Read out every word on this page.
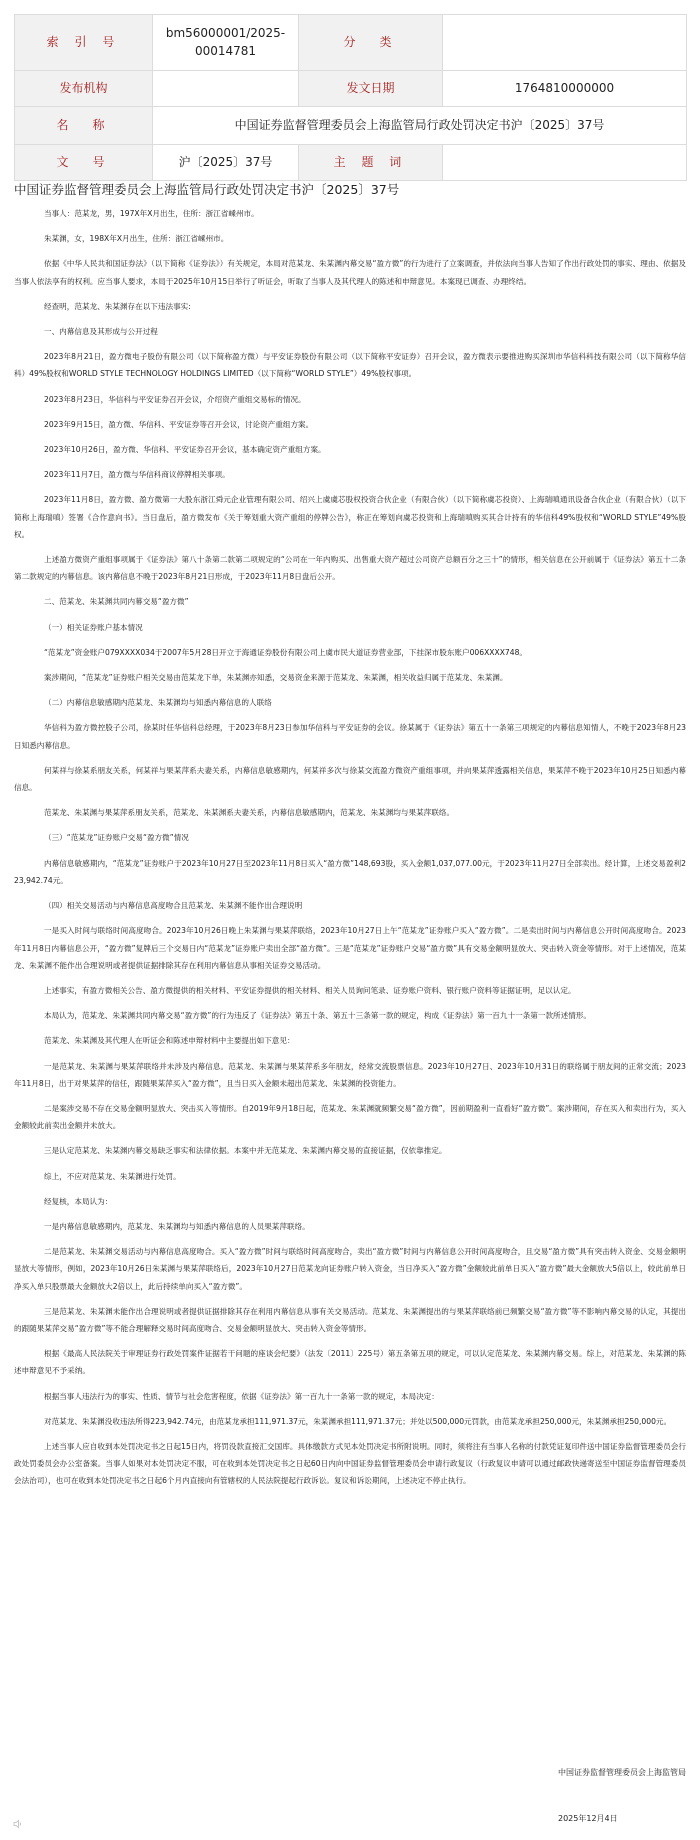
索 引 号	bm56000001/2025-00014781	分　类	
发布机构		发文日期	1764810000000
名　称	中国证券监督管理委员会上海监管局行政处罚决定书沪〔2025〕37号		
文　号	沪〔2025〕37号	主 题 词	
中国证券监督管理委员会上海监管局行政处罚决定书沪〔2025〕37号

当事人：范某龙，男，197X年X月出生，住所：浙江省嵊州市。

朱某渊，女，198X年X月出生，住所：浙江省嵊州市。

依据《中华人民共和国证券法》（以下简称《证券法》）有关规定，本局对范某龙、朱某渊内幕交易“盈方微”的行为进行了立案调查，并依法向当事人告知了作出行政处罚的事实、理由、依据及当事人依法享有的权利。应当事人要求，本局于2025年10月15日举行了听证会，听取了当事人及其代理人的陈述和申辩意见。本案现已调查、办理终结。

经查明，范某龙、朱某渊存在以下违法事实:

一、内幕信息及其形成与公开过程

2023年8月21日，盈方微电子股份有限公司（以下简称盈方微）与平安证券股份有限公司（以下简称平安证券）召开会议，盈方微表示要推进购买深圳市华信科科技有限公司（以下简称华信科）49%股权和WORLD STYLE TECHNOLOGY HOLDINGS LIMITED（以下简称“WORLD STYLE”）49%股权事项。

2023年8月23日，华信科与平安证券召开会议，介绍资产重组交易标的情况。

2023年9月15日，盈方微、华信科、平安证券等召开会议，讨论资产重组方案。

2023年10月26日，盈方微、华信科、平安证券召开会议，基本确定资产重组方案。

2023年11月7日，盈方微与华信科商议停牌相关事项。

2023年11月8日，盈方微、盈方微第一大股东浙江舜元企业管理有限公司、绍兴上虞虞芯股权投资合伙企业（有限合伙）（以下简称虞芯投资）、上海瑞嗔通讯设备合伙企业（有限合伙）（以下简称上海瑞嗔）签署《合作意向书》。当日盘后，盈方微发布《关于筹划重大资产重组的停牌公告》，称正在筹划向虞芯投资和上海瑞嗔购买其合计持有的华信科49%股权和“WORLD STYLE”49%股权。

上述盈方微资产重组事项属于《证券法》第八十条第二款第二项规定的“公司在一年内购买、出售重大资产超过公司资产总额百分之三十”的情形，相关信息在公开前属于《证券法》第五十二条第二款规定的内幕信息。该内幕信息不晚于2023年8月21日形成，于2023年11月8日盘后公开。

二、范某龙、朱某渊共同内幕交易“盈方微”

（一）相关证券账户基本情况

“范某龙”资金账户079XXXX034于2007年5月28日开立于海通证券股份有限公司上虞市民大道证券营业部，下挂深市股东账户006XXXX748。

案涉期间，“范某龙”证券账户相关交易由范某龙下单，朱某渊亦知悉，交易资金来源于范某龙、朱某渊，相关收益归属于范某龙、朱某渊。

（二）内幕信息敏感期内范某龙、朱某渊均与知悉内幕信息的人联络

华信科为盈方微控股子公司，徐某时任华信科总经理，于2023年8月23日参加华信科与平安证券的会议。徐某属于《证券法》第五十一条第三项规定的内幕信息知情人，不晚于2023年8月23日知悉内幕信息。

何某祥与徐某系朋友关系，何某祥与果某萍系夫妻关系，内幕信息敏感期内，何某祥多次与徐某交流盈方微资产重组事项，并向果某萍透露相关信息，果某萍不晚于2023年10月25日知悉内幕信息。

范某龙、朱某渊与果某萍系朋友关系，范某龙、朱某渊系夫妻关系，内幕信息敏感期内，范某龙、朱某渊均与果某萍联络。

（三）“范某龙”证券账户交易“盈方微”情况

内幕信息敏感期内，“范某龙”证券账户于2023年10月27日至2023年11月8日买入“盈方微”148,693股，买入金额1,037,077.00元，于2023年11月27日全部卖出。经计算，上述交易盈利223,942.74元。

（四）相关交易活动与内幕信息高度吻合且范某龙、朱某渊不能作出合理说明

一是买入时间与联络时间高度吻合。2023年10月26日晚上朱某渊与果某萍联络，2023年10月27日上午“范某龙”证券账户买入“盈方微”。二是卖出时间与内幕信息公开时间高度吻合。2023年11月8日内幕信息公开，“盈方微”复牌后三个交易日内“范某龙”证券账户卖出全部“盈方微”。三是“范某龙”证券账户交易“盈方微”具有交易金额明显放大、突击转入资金等情形。对于上述情况，范某龙、朱某渊不能作出合理说明或者提供证据排除其存在利用内幕信息从事相关证券交易活动。

上述事实，有盈方微相关公告、盈方微提供的相关材料、平安证券提供的相关材料、相关人员询问笔录、证券账户资料、银行账户资料等证据证明，足以认定。

本局认为，范某龙、朱某渊共同内幕交易“盈方微”的行为违反了《证券法》第五十条、第五十三条第一款的规定，构成《证券法》第一百九十一条第一款所述情形。

范某龙、朱某渊及其代理人在听证会和陈述申辩材料中主要提出如下意见：

一是范某龙、朱某渊与果某萍联络并未涉及内幕信息。范某龙、朱某渊与果某萍系多年朋友，经常交流股票信息。2023年10月27日、2023年10月31日的联络属于朋友间的正常交流；2023年11月8日，出于对果某萍的信任，跟随果某萍买入“盈方微”，且当日买入金额未超出范某龙、朱某渊的投资能力。

二是案涉交易不存在交易金额明显放大、突击买入等情形。自2019年9月18日起，范某龙、朱某渊就频繁交易“盈方微”，因前期盈利一直看好“盈方微”。案涉期间，存在买入和卖出行为，买入金额较此前卖出金额并未放大。

三是认定范某龙、朱某渊内幕交易缺乏事实和法律依据。本案中并无范某龙、朱某渊内幕交易的直接证据，仅依靠推定。

综上，不应对范某龙、朱某渊进行处罚。

经复核，本局认为：

一是内幕信息敏感期内，范某龙、朱某渊均与知悉内幕信息的人员果某萍联络。

二是范某龙、朱某渊交易活动与内幕信息高度吻合。买入“盈方微”时间与联络时间高度吻合，卖出“盈方微”时间与内幕信息公开时间高度吻合，且交易“盈方微”具有突击转入资金、交易金额明显放大等情形，例如，2023年10月26日朱某渊与果某萍联络后，2023年10月27日范某龙向证券账户转入资金，当日净买入“盈方微”金额较此前单日买入“盈方微”最大金额放大5倍以上，较此前单日净买入单只股票最大金额放大2倍以上，此后持续单向买入“盈方微”。

三是范某龙、朱某渊未能作出合理说明或者提供证据排除其存在利用内幕信息从事有关交易活动。范某龙、朱某渊提出的与果某萍联络前已频繁交易“盈方微”等不影响内幕交易的认定，其提出的跟随果某萍交易“盈方微”等不能合理解释交易时间高度吻合、交易金额明显放大、突击转入资金等情形。

根据《最高人民法院关于审理证券行政处罚案件证据若干问题的座谈会纪要》（法发〔2011〕225号）第五条第五项的规定，可以认定范某龙、朱某渊内幕交易。综上，对范某龙、朱某渊的陈述申辩意见不予采纳。

根据当事人违法行为的事实、性质、情节与社会危害程度，依据《证券法》第一百九十一条第一款的规定，本局决定：

对范某龙、朱某渊没收违法所得223,942.74元，由范某龙承担111,971.37元，朱某渊承担111,971.37元；并处以500,000元罚款，由范某龙承担250,000元，朱某渊承担250,000元。

上述当事人应自收到本处罚决定书之日起15日内，将罚没款直接汇交国库。具体缴款方式见本处罚决定书所附说明。同时，须将注有当事人名称的付款凭证复印件送中国证券监督管理委员会行政处罚委员会办公室备案。当事人如果对本处罚决定不服，可在收到本处罚决定书之日起60日内向中国证券监督管理委员会申请行政复议（行政复议申请可以通过邮政快递寄送至中国证券监督管理委员会法治司），也可在收到本处罚决定书之日起6个月内直接向有管辖权的人民法院提起行政诉讼。复议和诉讼期间，上述决定不停止执行。

中国证券监督管理委员会上海监管局
2025年12月4日
